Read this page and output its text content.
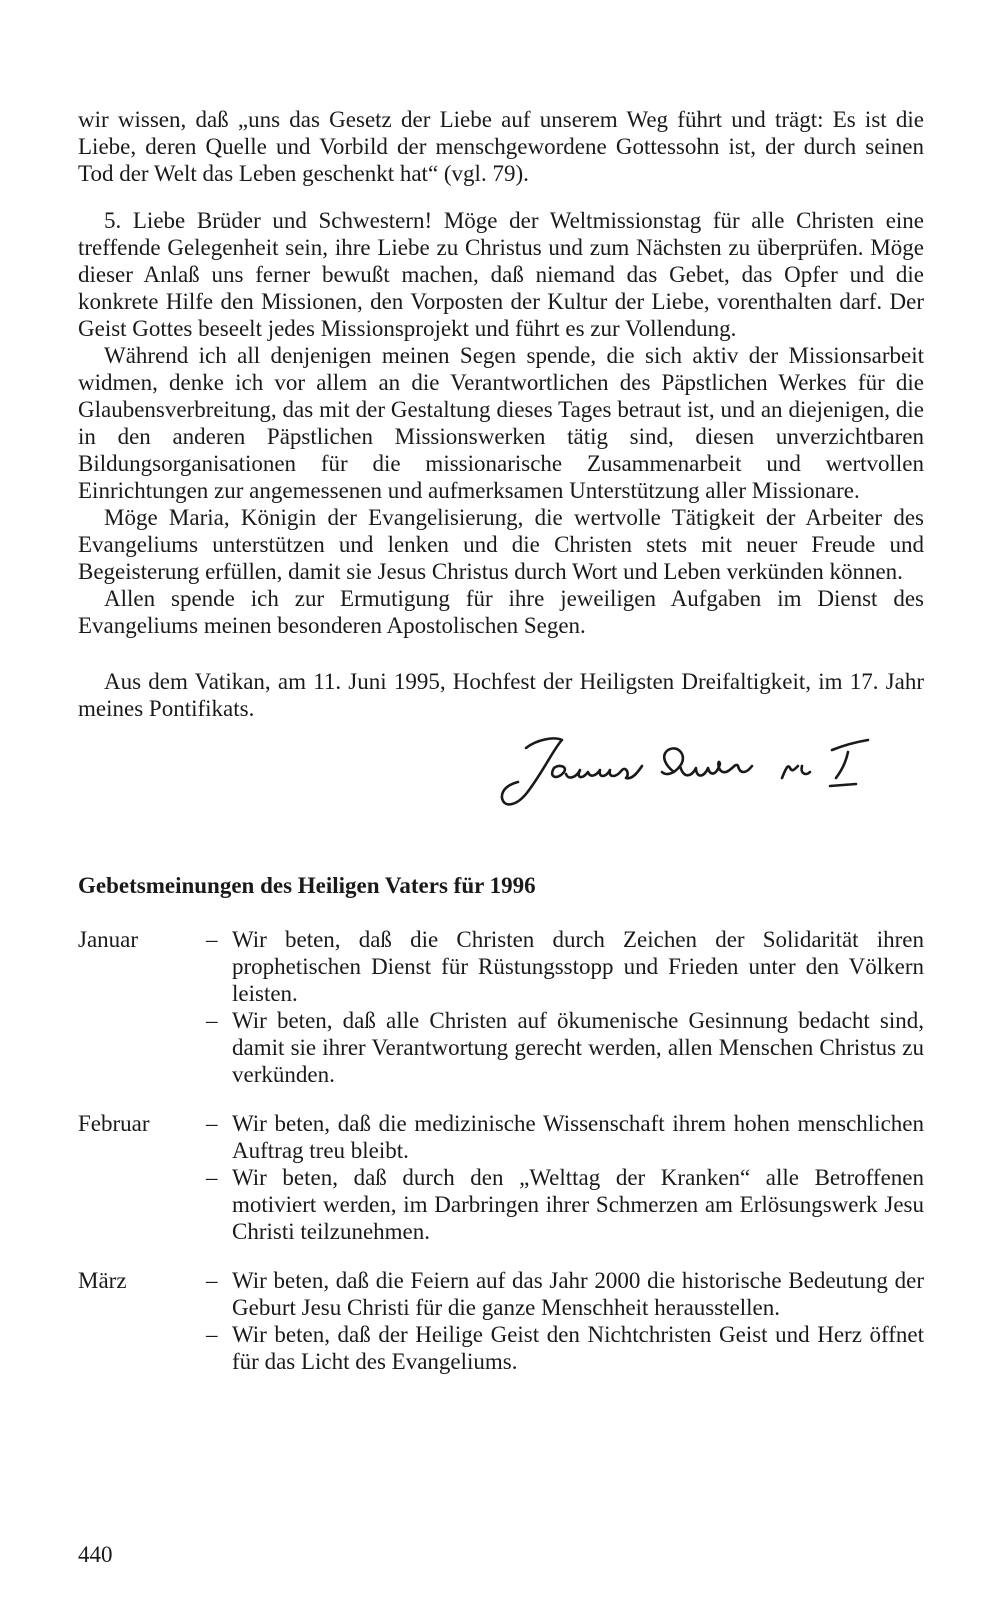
wir wissen, daß „uns das Gesetz der Liebe auf unserem Weg führt und trägt: Es ist die Liebe, deren Quelle und Vorbild der menschgewordene Gottessohn ist, der durch seinen Tod der Welt das Leben geschenkt hat“ (vgl. 79).

5. Liebe Brüder und Schwestern! Möge der Weltmissionstag für alle Christen eine treffende Gelegenheit sein, ihre Liebe zu Christus und zum Nächsten zu überprüfen. Möge dieser Anlaß uns ferner bewußt machen, daß niemand das Gebet, das Opfer und die konkrete Hilfe den Missionen, den Vorposten der Kultur der Liebe, vorenthalten darf. Der Geist Gottes beseelt jedes Missionsprojekt und führt es zur Vollendung.

Während ich all denjenigen meinen Segen spende, die sich aktiv der Missionsarbeit widmen, denke ich vor allem an die Verantwortlichen des Päpstlichen Werkes für die Glaubensverbreitung, das mit der Gestaltung dieses Tages betraut ist, und an diejenigen, die in den anderen Päpstlichen Missionswerken tätig sind, diesen unverzichtbaren Bildungsorganisationen für die missionarische Zusammenarbeit und wertvollen Einrichtungen zur angemessenen und aufmerksamen Unterstützung aller Missionare.

Möge Maria, Königin der Evangelisierung, die wertvolle Tätigkeit der Arbeiter des Evangeliums unterstützen und lenken und die Christen stets mit neuer Freude und Begeisterung erfüllen, damit sie Jesus Christus durch Wort und Leben verkünden können.

Allen spende ich zur Ermutigung für ihre jeweiligen Aufgaben im Dienst des Evangeliums meinen besonderen Apostolischen Segen.

Aus dem Vatikan, am 11. Juni 1995, Hochfest der Heiligsten Dreifaltigkeit, im 17. Jahr meines Pontifikats.

Gebetsmeinungen des Heiligen Vaters für 1996
Januar	– Wir beten, daß die Christen durch Zeichen der Solidarität ihren prophetischen Dienst für Rüstungsstopp und Frieden unter den Völkern leisten.
– Wir beten, daß alle Christen auf ökumenische Gesinnung bedacht sind, damit sie ihrer Verantwortung gerecht werden, allen Menschen Christus zu verkünden.
Februar	– Wir beten, daß die medizinische Wissenschaft ihrem hohen menschlichen Auftrag treu bleibt.
– Wir beten, daß durch den „Welttag der Kranken“ alle Betroffenen motiviert werden, im Darbringen ihrer Schmerzen am Erlösungswerk Jesu Christi teilzunehmen.
März	– Wir beten, daß die Feiern auf das Jahr 2000 die historische Bedeutung der Geburt Jesu Christi für die ganze Menschheit herausstellen.
– Wir beten, daß der Heilige Geist den Nichtchristen Geist und Herz öffnet für das Licht des Evangeliums.
440
